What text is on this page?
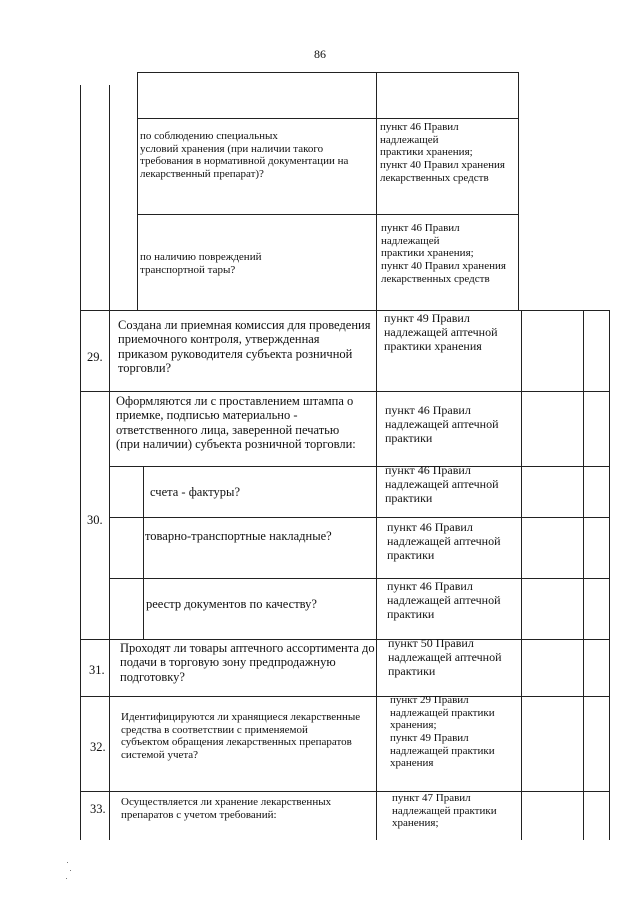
86
по соблюдению специальных
условий хранения (при наличии такого
требования в нормативной документации на
лекарственный препарат)?
пункт 46 Правил
надлежащей
практики хранения;
пункт 40 Правил хранения
лекарственных средств
по наличию повреждений
транспортной тары?
пункт 46 Правил
надлежащей
практики хранения;
пункт 40 Правил хранения
лекарственных средств
29.
Создана ли приемная комиссия для проведения
приемочного контроля, утвержденная
приказом руководителя субъекта розничной
торговли?
пункт 49 Правил
надлежащей аптечной
практики хранения
30.
Оформляются ли с проставлением штампа о
приемке, подписью материально -
ответственного лица, заверенной печатью
(при наличии) субъекта розничной торговли:
пункт 46 Правил
надлежащей аптечной
практики
счета - фактуры?
пункт 46 Правил
надлежащей аптечной
практики
товарно-транспортные накладные?
пункт 46 Правил
надлежащей аптечной
практики
реестр документов по качеству?
пункт 46 Правил
надлежащей аптечной
практики
31.
Проходят ли товары аптечного ассортимента до
подачи в торговую зону предпродажную
подготовку?
пункт 50 Правил
надлежащей аптечной
практики
32.
Идентифицируются ли хранящиеся лекарственные
средства в соответствии с применяемой
субъектом обращения лекарственных препаратов
системой учета?
пункт 29 Правил
надлежащей практики
хранения;
пункт 49 Правил
надлежащей практики
хранения
33. Осуществляется ли хранение лекарственных
препаратов с учетом требований:
пункт 47 Правил
надлежащей практики
хранения;
